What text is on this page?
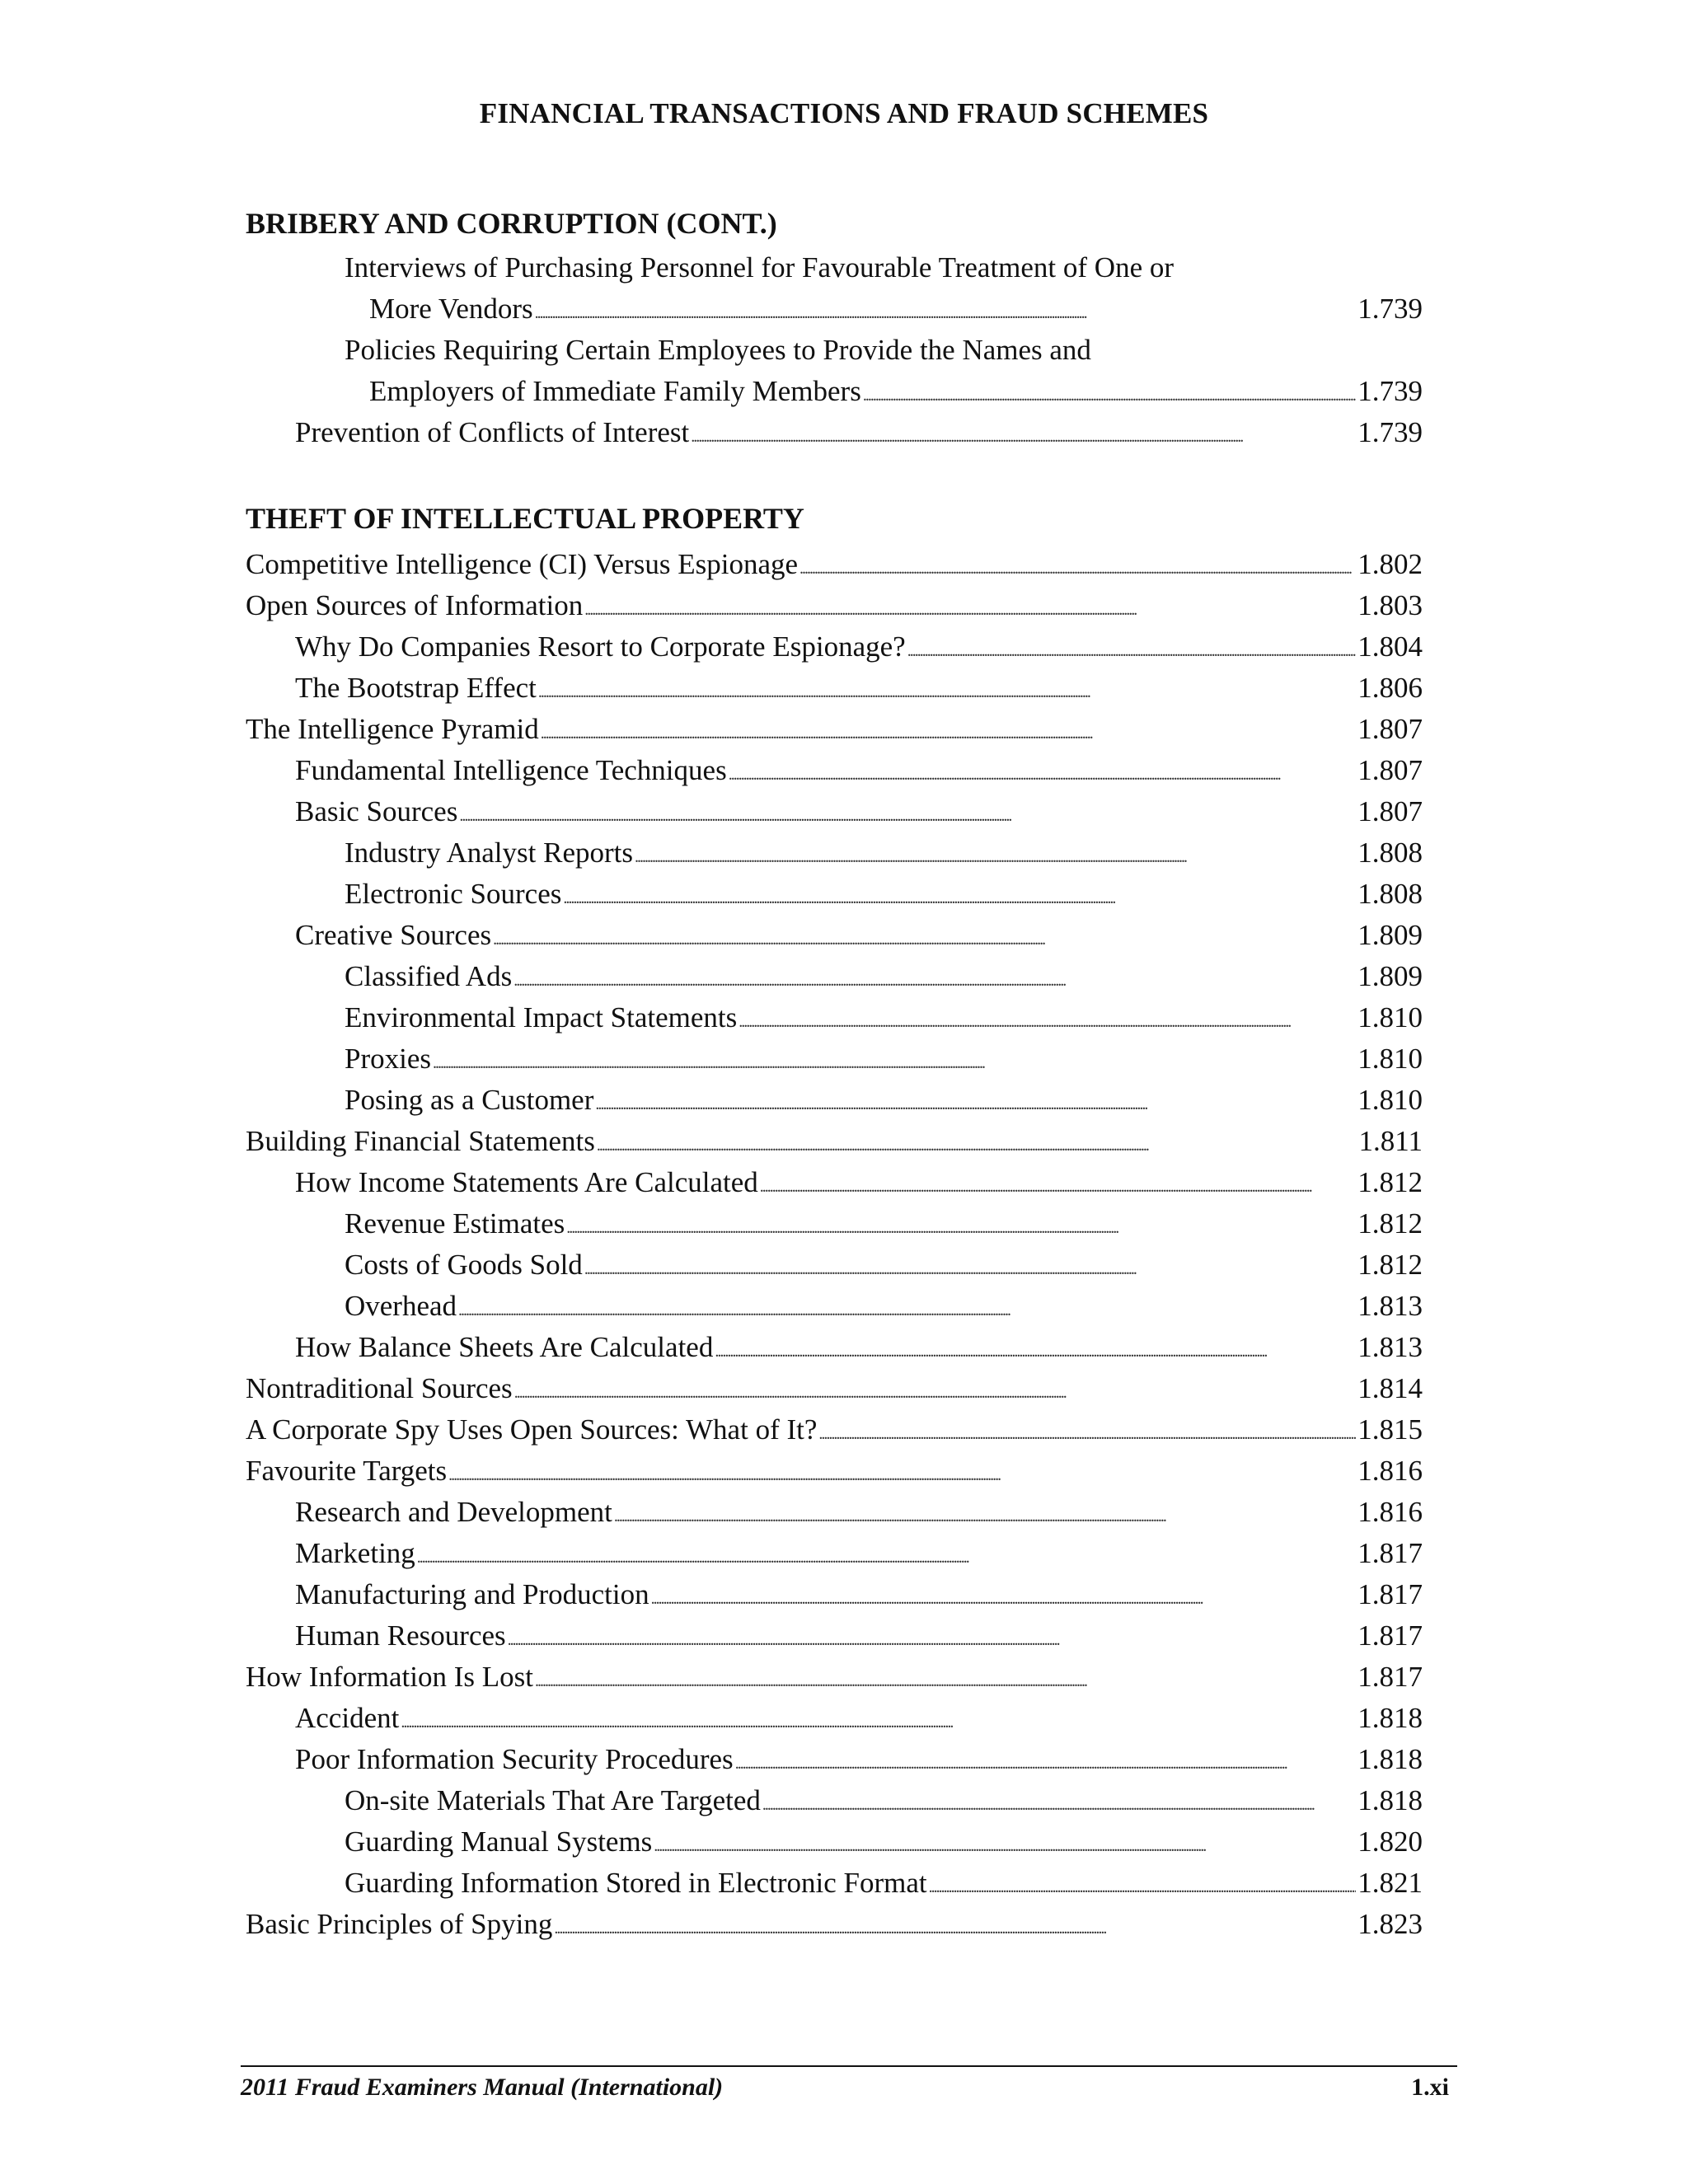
FINANCIAL TRANSACTIONS AND FRAUD SCHEMES
BRIBERY AND CORRUPTION (CONT.)
Interviews of Purchasing Personnel for Favourable Treatment of One or
More Vendors . . .	1.739
Policies Requiring Certain Employees to Provide the Names and
Employers of Immediate Family Members . . .	1.739
Prevention of Conflicts of Interest . . .	1.739
THEFT OF INTELLECTUAL PROPERTY
Competitive Intelligence (CI) Versus Espionage . . .	1.802
Open Sources of Information . . .	1.803
Why Do Companies Resort to Corporate Espionage? . . .	1.804
The Bootstrap Effect . . .	1.806
The Intelligence Pyramid . . .	1.807
Fundamental Intelligence Techniques . . .	1.807
Basic Sources . . .	1.807
Industry Analyst Reports . . .	1.808
Electronic Sources . . .	1.808
Creative Sources . . .	1.809
Classified Ads . . .	1.809
Environmental Impact Statements . . .	1.810
Proxies . . .	1.810
Posing as a Customer . . .	1.810
Building Financial Statements . . .	1.811
How Income Statements Are Calculated . . .	1.812
Revenue Estimates . . .	1.812
Costs of Goods Sold . . .	1.812
Overhead . . .	1.813
How Balance Sheets Are Calculated . . .	1.813
Nontraditional Sources . . .	1.814
A Corporate Spy Uses Open Sources: What of It? . . .	1.815
Favourite Targets . . .	1.816
Research and Development . . .	1.816
Marketing . . .	1.817
Manufacturing and Production . . .	1.817
Human Resources . . .	1.817
How Information Is Lost . . .	1.817
Accident . . .	1.818
Poor Information Security Procedures . . .	1.818
On-site Materials That Are Targeted . . .	1.818
Guarding Manual Systems . . .	1.820
Guarding Information Stored in Electronic Format . . .	1.821
Basic Principles of Spying . . .	1.823
2011 Fraud Examiners Manual (International)	1.xi
